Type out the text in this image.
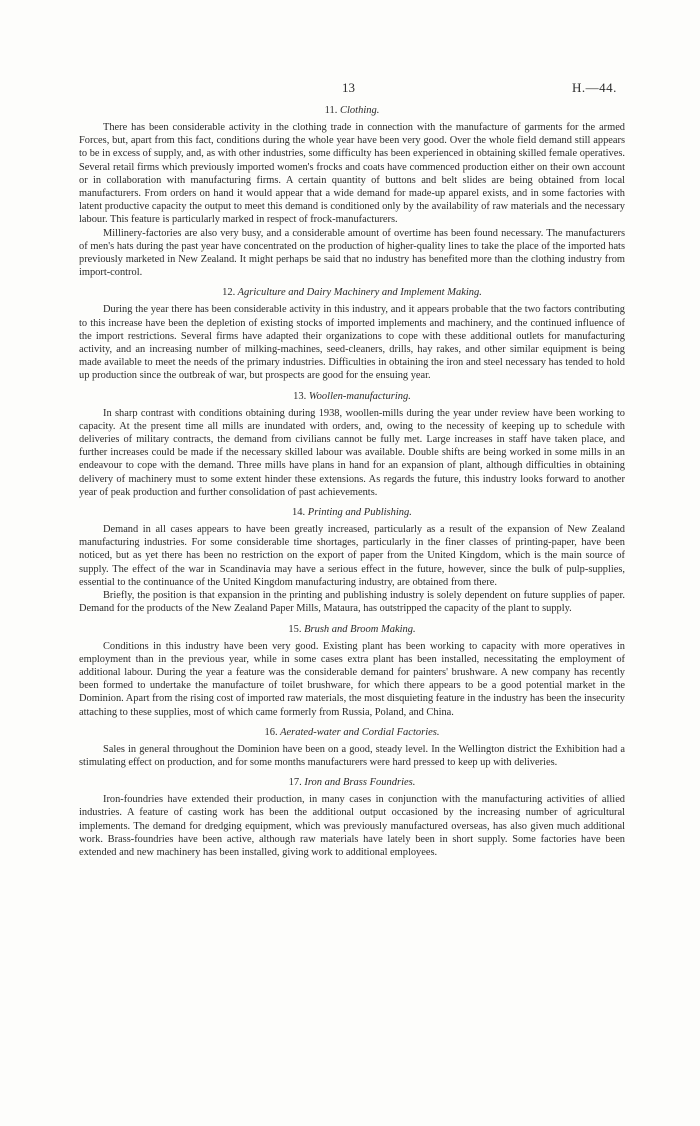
13	H.—44.

11. Clothing.

There has been considerable activity in the clothing trade in connection with the manufacture of garments for the armed Forces, but, apart from this fact, conditions during the whole year have been very good. Over the whole field demand still appears to be in excess of supply, and, as with other industries, some difficulty has been experienced in obtaining skilled female operatives. Several retail firms which previously imported women's frocks and coats have commenced production either on their own account or in collaboration with manufacturing firms. A certain quantity of buttons and belt slides are being obtained from local manufacturers. From orders on hand it would appear that a wide demand for made-up apparel exists, and in some factories with latent productive capacity the output to meet this demand is conditioned only by the availability of raw materials and the necessary labour. This feature is particularly marked in respect of frock-manufacturers.

Millinery-factories are also very busy, and a considerable amount of overtime has been found necessary. The manufacturers of men's hats during the past year have concentrated on the production of higher-quality lines to take the place of the imported hats previously marketed in New Zealand. It might perhaps be said that no industry has benefited more than the clothing industry from import-control.

12. Agriculture and Dairy Machinery and Implement Making.

During the year there has been considerable activity in this industry, and it appears probable that the two factors contributing to this increase have been the depletion of existing stocks of imported implements and machinery, and the continued influence of the import restrictions. Several firms have adapted their organizations to cope with these additional outlets for manufacturing activity, and an increasing number of milking-machines, seed-cleaners, drills, hay rakes, and other similar equipment is being made available to meet the needs of the primary industries. Difficulties in obtaining the iron and steel necessary has tended to hold up production since the outbreak of war, but prospects are good for the ensuing year.

13. Woollen-manufacturing.

In sharp contrast with conditions obtaining during 1938, woollen-mills during the year under review have been working to capacity. At the present time all mills are inundated with orders, and, owing to the necessity of keeping up to schedule with deliveries of military contracts, the demand from civilians cannot be fully met. Large increases in staff have taken place, and further increases could be made if the necessary skilled labour was available. Double shifts are being worked in some mills in an endeavour to cope with the demand. Three mills have plans in hand for an expansion of plant, although difficulties in obtaining delivery of machinery must to some extent hinder these extensions. As regards the future, this industry looks forward to another year of peak production and further consolidation of past achievements.

14. Printing and Publishing.

Demand in all cases appears to have been greatly increased, particularly as a result of the expansion of New Zealand manufacturing industries. For some considerable time shortages, particularly in the finer classes of printing-paper, have been noticed, but as yet there has been no restriction on the export of paper from the United Kingdom, which is the main source of supply. The effect of the war in Scandinavia may have a serious effect in the future, however, since the bulk of pulp-supplies, essential to the continuance of the United Kingdom manufacturing industry, are obtained from there.

Briefly, the position is that expansion in the printing and publishing industry is solely dependent on future supplies of paper. Demand for the products of the New Zealand Paper Mills, Mataura, has outstripped the capacity of the plant to supply.

15. Brush and Broom Making.

Conditions in this industry have been very good. Existing plant has been working to capacity with more operatives in employment than in the previous year, while in some cases extra plant has been installed, necessitating the employment of additional labour. During the year a feature was the considerable demand for painters' brushware. A new company has recently been formed to undertake the manufacture of toilet brushware, for which there appears to be a good potential market in the Dominion. Apart from the rising cost of imported raw materials, the most disquieting feature in the industry has been the insecurity attaching to these supplies, most of which came formerly from Russia, Poland, and China.

16. Aerated-water and Cordial Factories.

Sales in general throughout the Dominion have been on a good, steady level. In the Wellington district the Exhibition had a stimulating effect on production, and for some months manufacturers were hard pressed to keep up with deliveries.

17. Iron and Brass Foundries.

Iron-foundries have extended their production, in many cases in conjunction with the manufacturing activities of allied industries. A feature of casting work has been the additional output occasioned by the increasing number of agricultural implements. The demand for dredging equipment, which was previously manufactured overseas, has also given much additional work. Brass-foundries have been active, although raw materials have lately been in short supply. Some factories have been extended and new machinery has been installed, giving work to additional employees.
